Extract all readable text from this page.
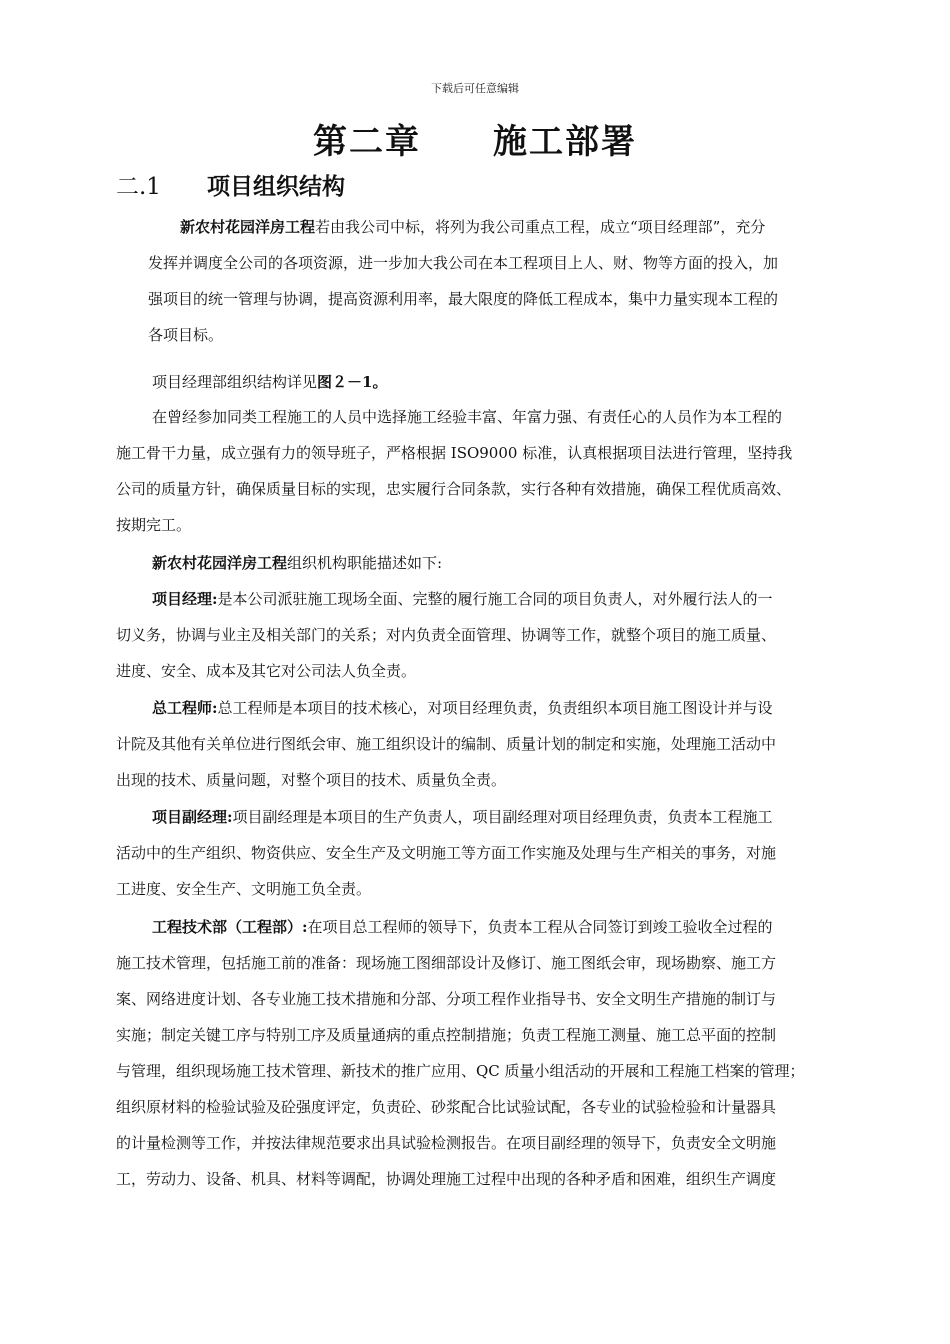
下载后可任意编辑
第二章　　施工部署
二.1　　 项目组织结构
新农村花园洋房工程若由我公司中标，将列为我公司重点工程，成立“项目经理部”，充分
发挥并调度全公司的各项资源，进一步加大我公司在本工程项目上人、财、物等方面的投入，加
强项目的统一管理与协调，提高资源利用率，最大限度的降低工程成本，集中力量实现本工程的
各项目标。
项目经理部组织结构详见图２－1。
在曾经参加同类工程施工的人员中选择施工经验丰富、年富力强、有责任心的人员作为本工程的
施工骨干力量，成立强有力的领导班子，严格根据 ISO9000 标准，认真根据项目法进行管理，坚持我
公司的质量方针，确保质量目标的实现，忠实履行合同条款，实行各种有效措施，确保工程优质高效、
按期完工。
新农村花园洋房工程组织机构职能描述如下:
项目经理:是本公司派驻施工现场全面、完整的履行施工合同的项目负责人，对外履行法人的一
切义务，协调与业主及相关部门的关系；对内负责全面管理、协调等工作，就整个项目的施工质量、
进度、安全、成本及其它对公司法人负全责。
总工程师:总工程师是本项目的技术核心，对项目经理负责，负责组织本项目施工图设计并与设
计院及其他有关单位进行图纸会审、施工组织设计的编制、质量计划的制定和实施，处理施工活动中
出现的技术、质量问题，对整个项目的技术、质量负全责。
项目副经理:项目副经理是本项目的生产负责人，项目副经理对项目经理负责，负责本工程施工
活动中的生产组织、物资供应、安全生产及文明施工等方面工作实施及处理与生产相关的事务，对施
工进度、安全生产、文明施工负全责。
工程技术部（工程部）:在项目总工程师的领导下，负责本工程从合同签订到竣工验收全过程的
施工技术管理，包括施工前的准备：现场施工图细部设计及修订、施工图纸会审，现场勘察、施工方
案、网络进度计划、各专业施工技术措施和分部、分项工程作业指导书、安全文明生产措施的制订与
实施；制定关键工序与特别工序及质量通病的重点控制措施；负责工程施工测量、施工总平面的控制
与管理，组织现场施工技术管理、新技术的推广应用、QC 质量小组活动的开展和工程施工档案的管理；
组织原材料的检验试验及砼强度评定，负责砼、砂浆配合比试验试配，各专业的试验检验和计量器具
的计量检测等工作，并按法律规范要求出具试验检测报告。在项目副经理的领导下，负责安全文明施
工，劳动力、设备、机具、材料等调配，协调处理施工过程中出现的各种矛盾和困难，组织生产调度
